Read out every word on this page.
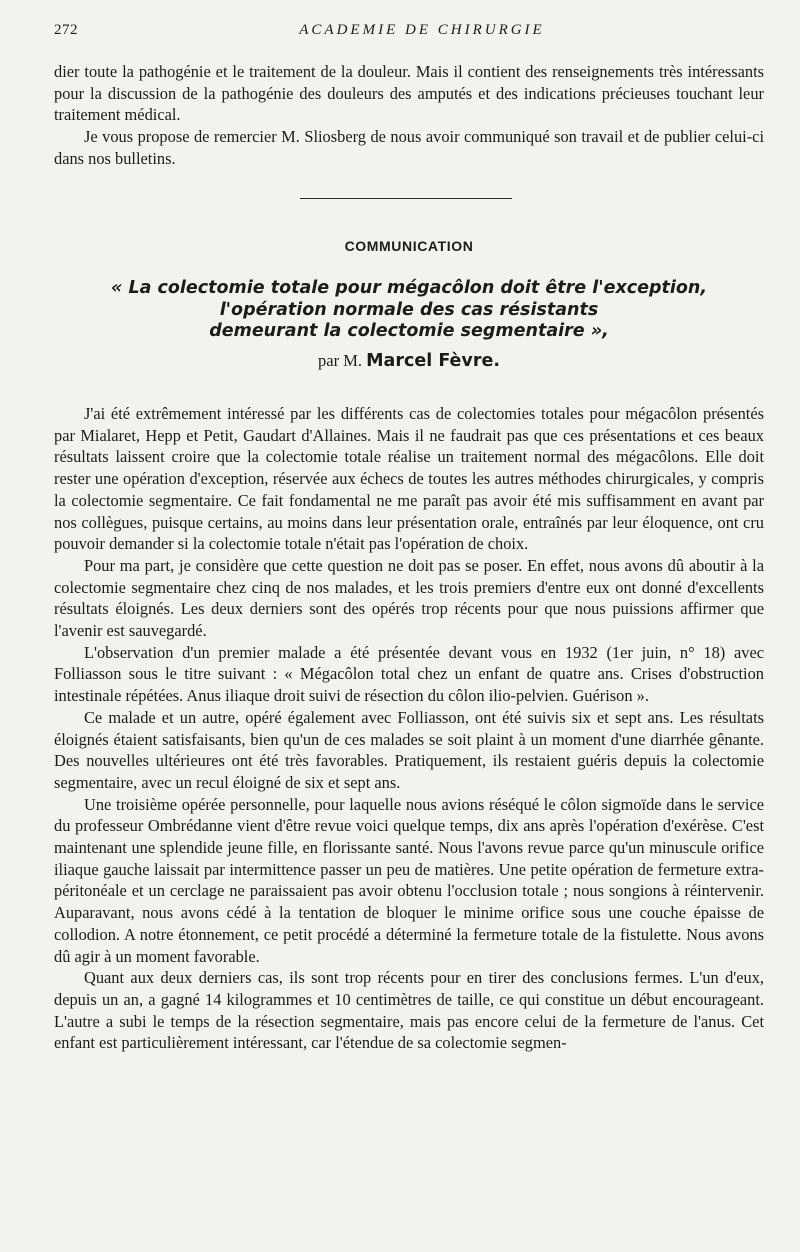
272	ACADEMIE DE CHIRURGIE

dier toute la pathogénie et le traitement de la douleur. Mais il contient des renseignements très intéressants pour la discussion de la pathogénie des douleurs des amputés et des indications précieuses touchant leur traitement médical.

Je vous propose de remercier M. Sliosberg de nous avoir communiqué son travail et de publier celui-ci dans nos bulletins.

COMMUNICATION
« La colectomie totale pour mégacôlon doit être l'exception,
l'opération normale des cas résistants
demeurant la colectomie segmentaire »,
par M. Marcel Fèvre.

J'ai été extrêmement intéressé par les différents cas de colectomies totales pour mégacôlon présentés par Mialaret, Hepp et Petit, Gaudart d'Allaines. Mais il ne faudrait pas que ces présentations et ces beaux résultats laissent croire que la colectomie totale réalise un traitement normal des mégacôlons. Elle doit rester une opération d'exception, réservée aux échecs de toutes les autres méthodes chirurgicales, y compris la colectomie segmentaire. Ce fait fondamental ne me paraît pas avoir été mis suffisamment en avant par nos collègues, puisque certains, au moins dans leur présentation orale, entraînés par leur éloquence, ont cru pouvoir demander si la colectomie totale n'était pas l'opération de choix.

Pour ma part, je considère que cette question ne doit pas se poser. En effet, nous avons dû aboutir à la colectomie segmentaire chez cinq de nos malades, et les trois premiers d'entre eux ont donné d'excellents résultats éloignés. Les deux derniers sont des opérés trop récents pour que nous puissions affirmer que l'avenir est sauvegardé.

L'observation d'un premier malade a été présentée devant vous en 1932 (1er juin, n° 18) avec Folliasson sous le titre suivant : « Mégacôlon total chez un enfant de quatre ans. Crises d'obstruction intestinale répétées. Anus iliaque droit suivi de résection du côlon ilio-pelvien. Guérison ».

Ce malade et un autre, opéré également avec Folliasson, ont été suivis six et sept ans. Les résultats éloignés étaient satisfaisants, bien qu'un de ces malades se soit plaint à un moment d'une diarrhée gênante. Des nouvelles ultérieures ont été très favorables. Pratiquement, ils restaient guéris depuis la colectomie segmentaire, avec un recul éloigné de six et sept ans.

Une troisième opérée personnelle, pour laquelle nous avions réséqué le côlon sigmoïde dans le service du professeur Ombrédanne vient d'être revue voici quelque temps, dix ans après l'opération d'exérèse. C'est maintenant une splendide jeune fille, en florissante santé. Nous l'avons revue parce qu'un minuscule orifice iliaque gauche laissait par intermittence passer un peu de matières. Une petite opération de fermeture extra-péritonéale et un cerclage ne paraissaient pas avoir obtenu l'occlusion totale ; nous songions à réintervenir. Auparavant, nous avons cédé à la tentation de bloquer le minime orifice sous une couche épaisse de collodion. A notre étonnement, ce petit procédé a déterminé la fermeture totale de la fistulette. Nous avons dû agir à un moment favorable.

Quant aux deux derniers cas, ils sont trop récents pour en tirer des conclusions fermes. L'un d'eux, depuis un an, a gagné 14 kilogrammes et 10 centimètres de taille, ce qui constitue un début encourageant. L'autre a subi le temps de la résection segmentaire, mais pas encore celui de la fermeture de l'anus. Cet enfant est particulièrement intéressant, car l'étendue de sa colectomie segmen-
